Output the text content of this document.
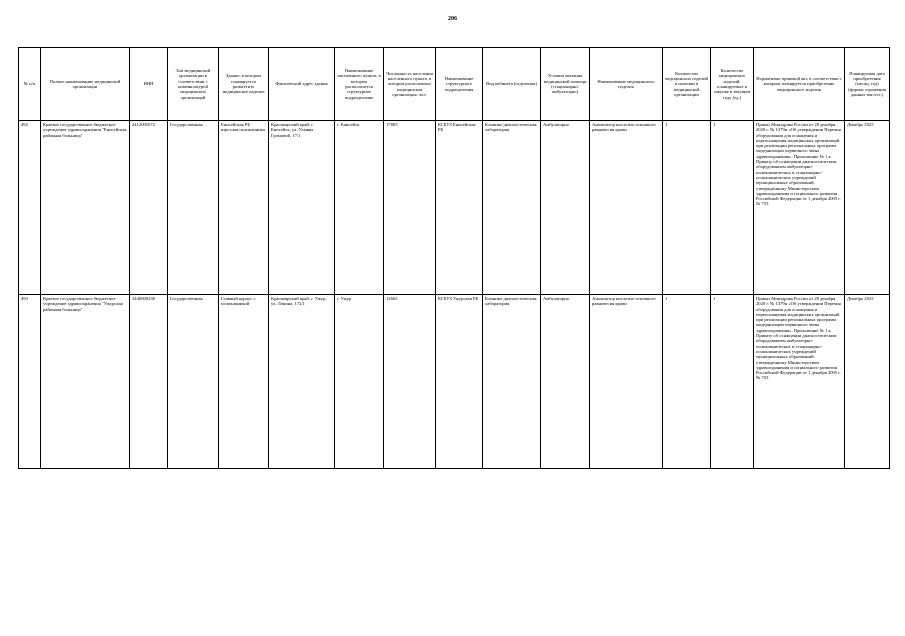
206
№ п/п	Полное наименование медицинской организации	ИНН	Тип медицинской организации в соответствии с номенклатурой медицинских организаций	Здание, в котором планируется разместить медицинское изделие	Фактический адрес здания	Наименование населенного пункта, в котором располагается структурное подразделение	Численность населения населенного пункта, в котором расположена медицинская организация, чел.	Наименование структурного подразделения	Вид кабинета (отделения)	Условия оказания медицинской помощи (стационарно/амбулаторно)	Наименование медицинского изделия	Количество медицинских изделий в наличии в медицинской организации	Количество медицинских изделий, планируемых к закупке в текущем году (ед.)	Нормативно-правовой акт, в соответствии с которым планируется приобретение медицинского изделия	Планируемая дата приобретения (месяц, год) (формат отражения данных мм.гггг.)
492	Краевое государственное бюджетное учреждение здравоохранения "Енисейская районная больница"	2412005072	Государственная	Енисейская РБ взрослая поликлиника	Красноярский край, г. Енисейск, ул. Ульяны Громовой, 17/1	г. Енисейск	17805	КГБУЗ Енисейская РБ	Клинико-диагностическая лаборатория	Амбулаторно	Анализатор кислотно-основного равновесия крови	1	1	Приказ Минздрава России от 28 декабря 2020 г. № 1379н «Об утверждении Перечня оборудования для оснащения и переоснащения медицинских организаций при реализации региональных программ модернизации первичного звена здравоохранения». Приложение № 1 к Приказу об оснащении диагностическим оборудованием амбулаторно-поликлинических и стационарно-поликлинических учреждений муниципальных образований, утвержденному Министерством здравоохранения и социального развития Российской Федерации от 1 декабря 2005 г. № 753	Декабрь 2025
493	Краевое государственное бюджетное учреждение здравоохранения "Ужурская районная больница"	2440000238	Государственная	Главный корпус с поликлиникой	Красноярский край, г. Ужур, ул. Ленина, 172/1	г. Ужур	12665	КГБУЗ Ужурская РБ	Клинико-диагностическая лаборатория	Амбулаторно	Анализатор кислотно-основного равновесия крови	1	1	Приказ Минздрава России от 28 декабря 2020 г. № 1379н «Об утверждении Перечня оборудования для оснащения и переоснащения медицинских организаций при реализации региональных программ модернизации первичного звена здравоохранения». Приложение № 1 к Приказу об оснащении диагностическим оборудованием амбулаторно-поликлинических и стационарно-поликлинических учреждений муниципальных образований, утвержденному Министерством здравоохранения и социального развития Российской Федерации от 1 декабря 2005 г. № 753	Декабрь 2025
